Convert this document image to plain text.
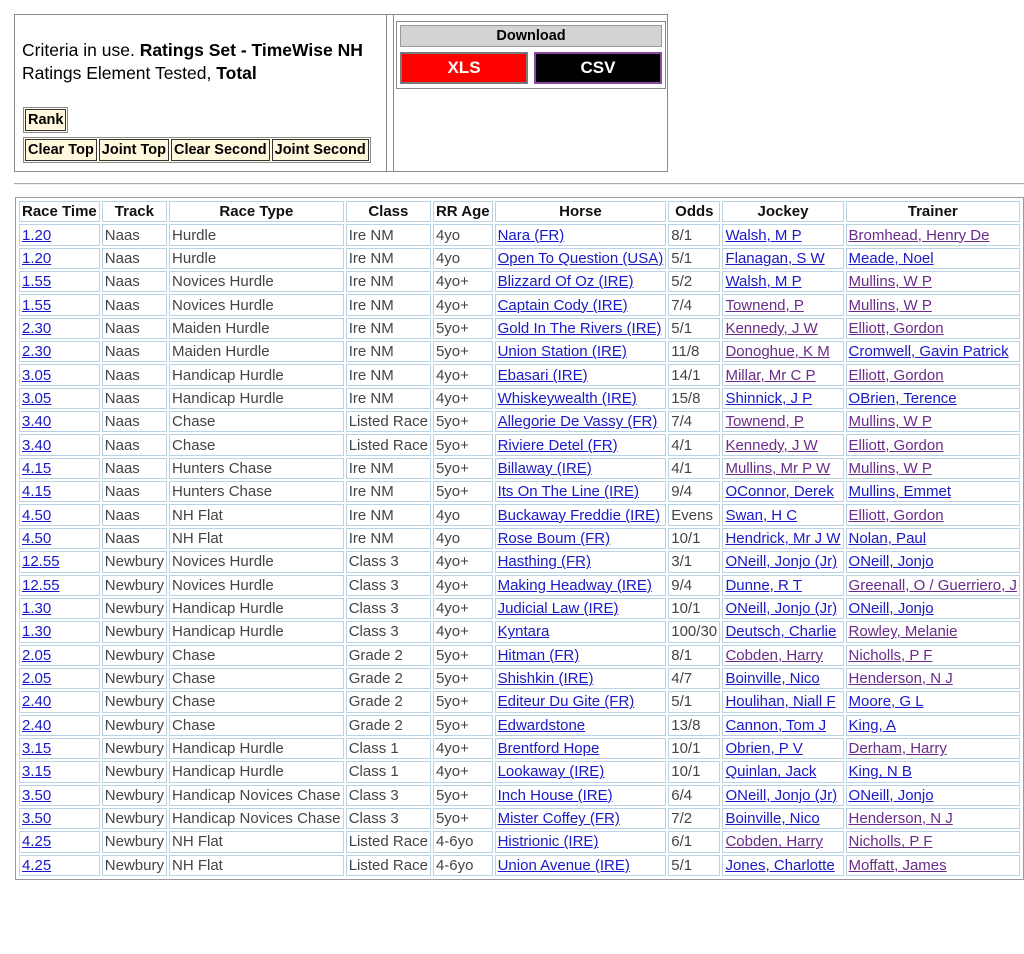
Criteria in use. Ratings Set - TimeWise NH
Ratings Element Tested, Total
Rank
Clear Top Joint Top Clear Second Joint Second
Download
XLS	CSV
Race Time	Track	Race Type	Class	RR Age	Horse	Odds	Jockey	Trainer
1.20	Naas	Hurdle	Ire NM	4yo	Nara (FR)	8/1	Walsh, M P	Bromhead, Henry De
1.20	Naas	Hurdle	Ire NM	4yo	Open To Question (USA)	5/1	Flanagan, S W	Meade, Noel
1.55	Naas	Novices Hurdle	Ire NM	4yo+	Blizzard Of Oz (IRE)	5/2	Walsh, M P	Mullins, W P
1.55	Naas	Novices Hurdle	Ire NM	4yo+	Captain Cody (IRE)	7/4	Townend, P	Mullins, W P
2.30	Naas	Maiden Hurdle	Ire NM	5yo+	Gold In The Rivers (IRE)	5/1	Kennedy, J W	Elliott, Gordon
2.30	Naas	Maiden Hurdle	Ire NM	5yo+	Union Station (IRE)	11/8	Donoghue, K M	Cromwell, Gavin Patrick
3.05	Naas	Handicap Hurdle	Ire NM	4yo+	Ebasari (IRE)	14/1	Millar, Mr C P	Elliott, Gordon
3.05	Naas	Handicap Hurdle	Ire NM	4yo+	Whiskeywealth (IRE)	15/8	Shinnick, J P	OBrien, Terence
3.40	Naas	Chase	Listed Race	5yo+	Allegorie De Vassy (FR)	7/4	Townend, P	Mullins, W P
3.40	Naas	Chase	Listed Race	5yo+	Riviere Detel (FR)	4/1	Kennedy, J W	Elliott, Gordon
4.15	Naas	Hunters Chase	Ire NM	5yo+	Billaway (IRE)	4/1	Mullins, Mr P W	Mullins, W P
4.15	Naas	Hunters Chase	Ire NM	5yo+	Its On The Line (IRE)	9/4	OConnor, Derek	Mullins, Emmet
4.50	Naas	NH Flat	Ire NM	4yo	Buckaway Freddie (IRE)	Evens	Swan, H C	Elliott, Gordon
4.50	Naas	NH Flat	Ire NM	4yo	Rose Boum (FR)	10/1	Hendrick, Mr J W	Nolan, Paul
12.55	Newbury	Novices Hurdle	Class 3	4yo+	Hasthing (FR)	3/1	ONeill, Jonjo (Jr)	ONeill, Jonjo
12.55	Newbury	Novices Hurdle	Class 3	4yo+	Making Headway (IRE)	9/4	Dunne, R T	Greenall, O / Guerriero, J
1.30	Newbury	Handicap Hurdle	Class 3	4yo+	Judicial Law (IRE)	10/1	ONeill, Jonjo (Jr)	ONeill, Jonjo
1.30	Newbury	Handicap Hurdle	Class 3	4yo+	Kyntara	100/30	Deutsch, Charlie	Rowley, Melanie
2.05	Newbury	Chase	Grade 2	5yo+	Hitman (FR)	8/1	Cobden, Harry	Nicholls, P F
2.05	Newbury	Chase	Grade 2	5yo+	Shishkin (IRE)	4/7	Boinville, Nico	Henderson, N J
2.40	Newbury	Chase	Grade 2	5yo+	Editeur Du Gite (FR)	5/1	Houlihan, Niall F	Moore, G L
2.40	Newbury	Chase	Grade 2	5yo+	Edwardstone	13/8	Cannon, Tom J	King, A
3.15	Newbury	Handicap Hurdle	Class 1	4yo+	Brentford Hope	10/1	Obrien, P V	Derham, Harry
3.15	Newbury	Handicap Hurdle	Class 1	4yo+	Lookaway (IRE)	10/1	Quinlan, Jack	King, N B
3.50	Newbury	Handicap Novices Chase	Class 3	5yo+	Inch House (IRE)	6/4	ONeill, Jonjo (Jr)	ONeill, Jonjo
3.50	Newbury	Handicap Novices Chase	Class 3	5yo+	Mister Coffey (FR)	7/2	Boinville, Nico	Henderson, N J
4.25	Newbury	NH Flat	Listed Race	4-6yo	Histrionic (IRE)	6/1	Cobden, Harry	Nicholls, P F
4.25	Newbury	NH Flat	Listed Race	4-6yo	Union Avenue (IRE)	5/1	Jones, Charlotte	Moffatt, James
